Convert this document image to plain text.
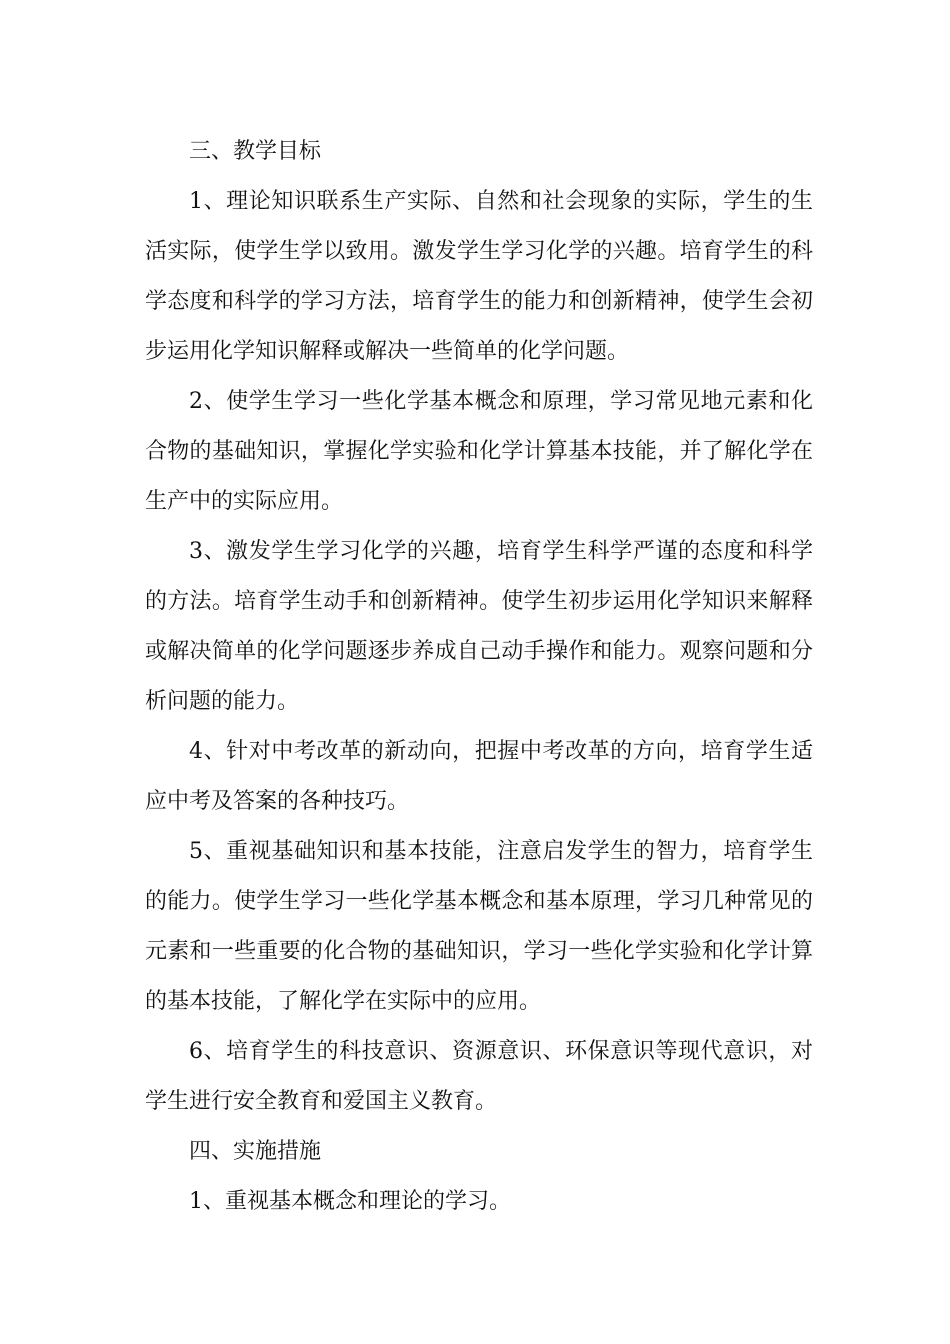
三、教学目标

1、理论知识联系生产实际、自然和社会现象的实际，学生的生活实际，使学生学以致用。激发学生学习化学的兴趣。培育学生的科学态度和科学的学习方法，培育学生的能力和创新精神，使学生会初步运用化学知识解释或解决一些简单的化学问题。

2、使学生学习一些化学基本概念和原理，学习常见地元素和化合物的基础知识，掌握化学实验和化学计算基本技能，并了解化学在生产中的实际应用。

3、激发学生学习化学的兴趣，培育学生科学严谨的态度和科学的方法。培育学生动手和创新精神。使学生初步运用化学知识来解释或解决简单的化学问题逐步养成自己动手操作和能力。观察问题和分析问题的能力。

4、针对中考改革的新动向，把握中考改革的方向，培育学生适应中考及答案的各种技巧。

5、重视基础知识和基本技能，注意启发学生的智力，培育学生的能力。使学生学习一些化学基本概念和基本原理，学习几种常见的元素和一些重要的化合物的基础知识，学习一些化学实验和化学计算的基本技能，了解化学在实际中的应用。

6、培育学生的科技意识、资源意识、环保意识等现代意识，对学生进行安全教育和爱国主义教育。

四、实施措施

1、重视基本概念和理论的学习。
